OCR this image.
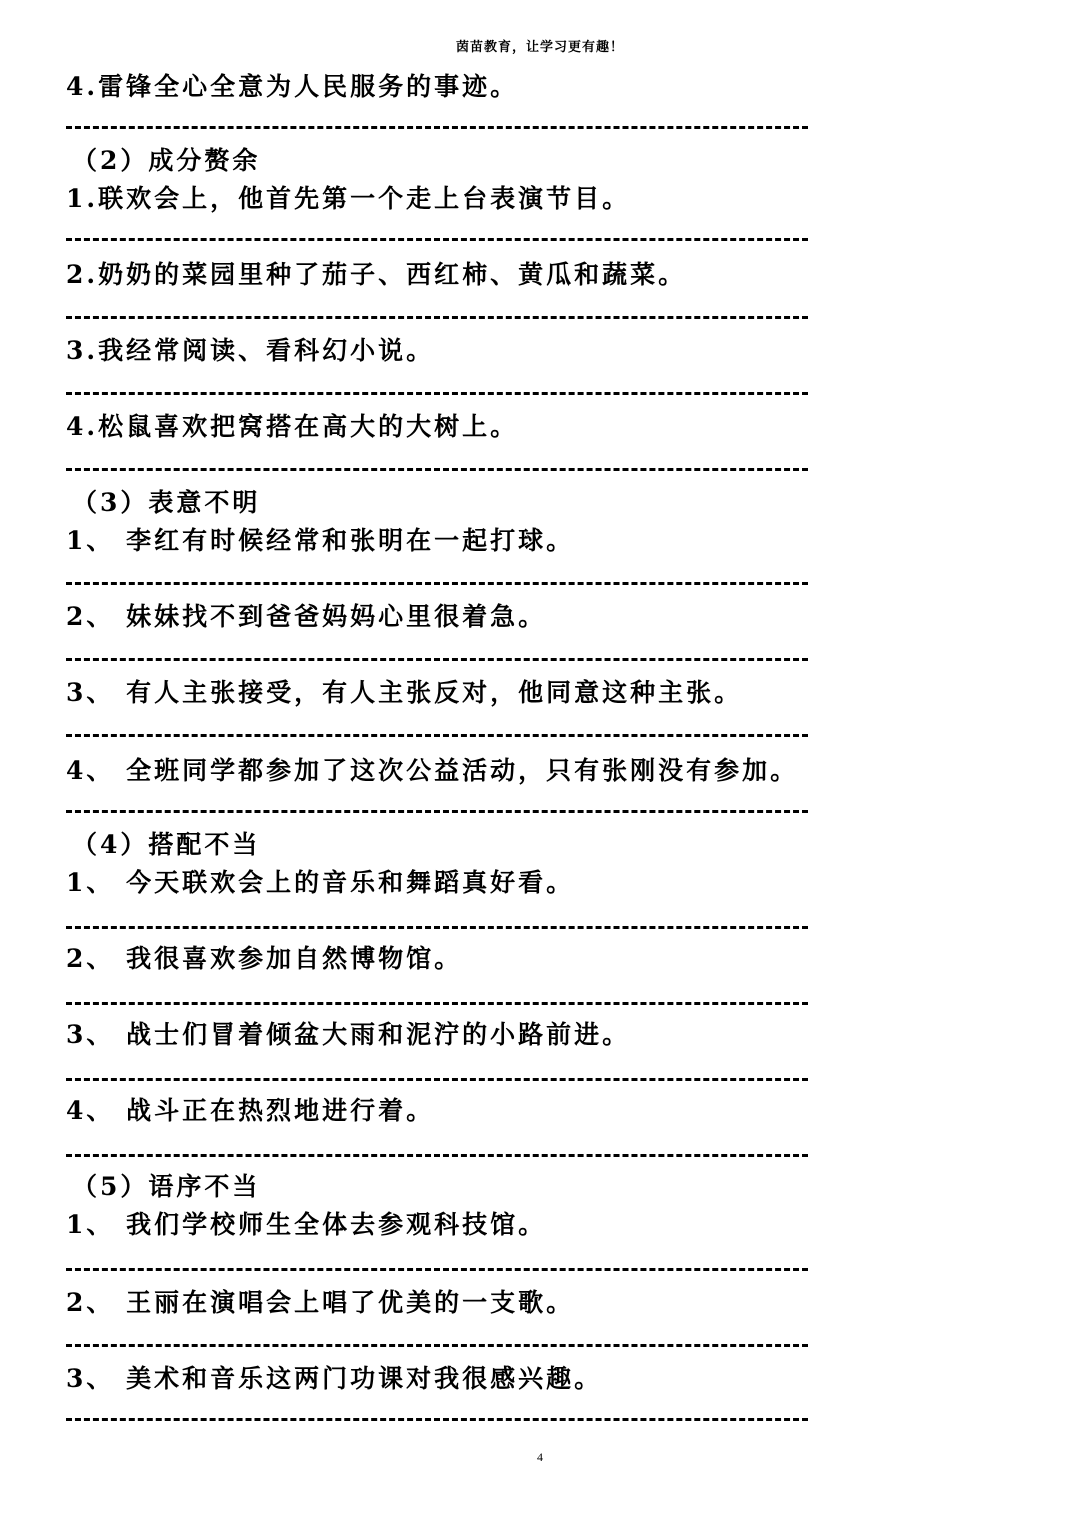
茵苗教育，让学习更有趣！
4.雷锋全心全意为人民服务的事迹。
（2）成分赘余
1.联欢会上，他首先第一个走上台表演节目。
2.奶奶的菜园里种了茄子、西红柿、黄瓜和蔬菜。
3.我经常阅读、看科幻小说。
4.松鼠喜欢把窝搭在高大的大树上。
（3）表意不明
1、 李红有时候经常和张明在一起打球。
2、 妹妹找不到爸爸妈妈心里很着急。
3、 有人主张接受，有人主张反对，他同意这种主张。
4、 全班同学都参加了这次公益活动，只有张刚没有参加。
（4）搭配不当
1、 今天联欢会上的音乐和舞蹈真好看。
2、 我很喜欢参加自然博物馆。
3、 战士们冒着倾盆大雨和泥泞的小路前进。
4、 战斗正在热烈地进行着。
（5）语序不当
1、 我们学校师生全体去参观科技馆。
2、 王丽在演唱会上唱了优美的一支歌。
3、 美术和音乐这两门功课对我很感兴趣。
4
